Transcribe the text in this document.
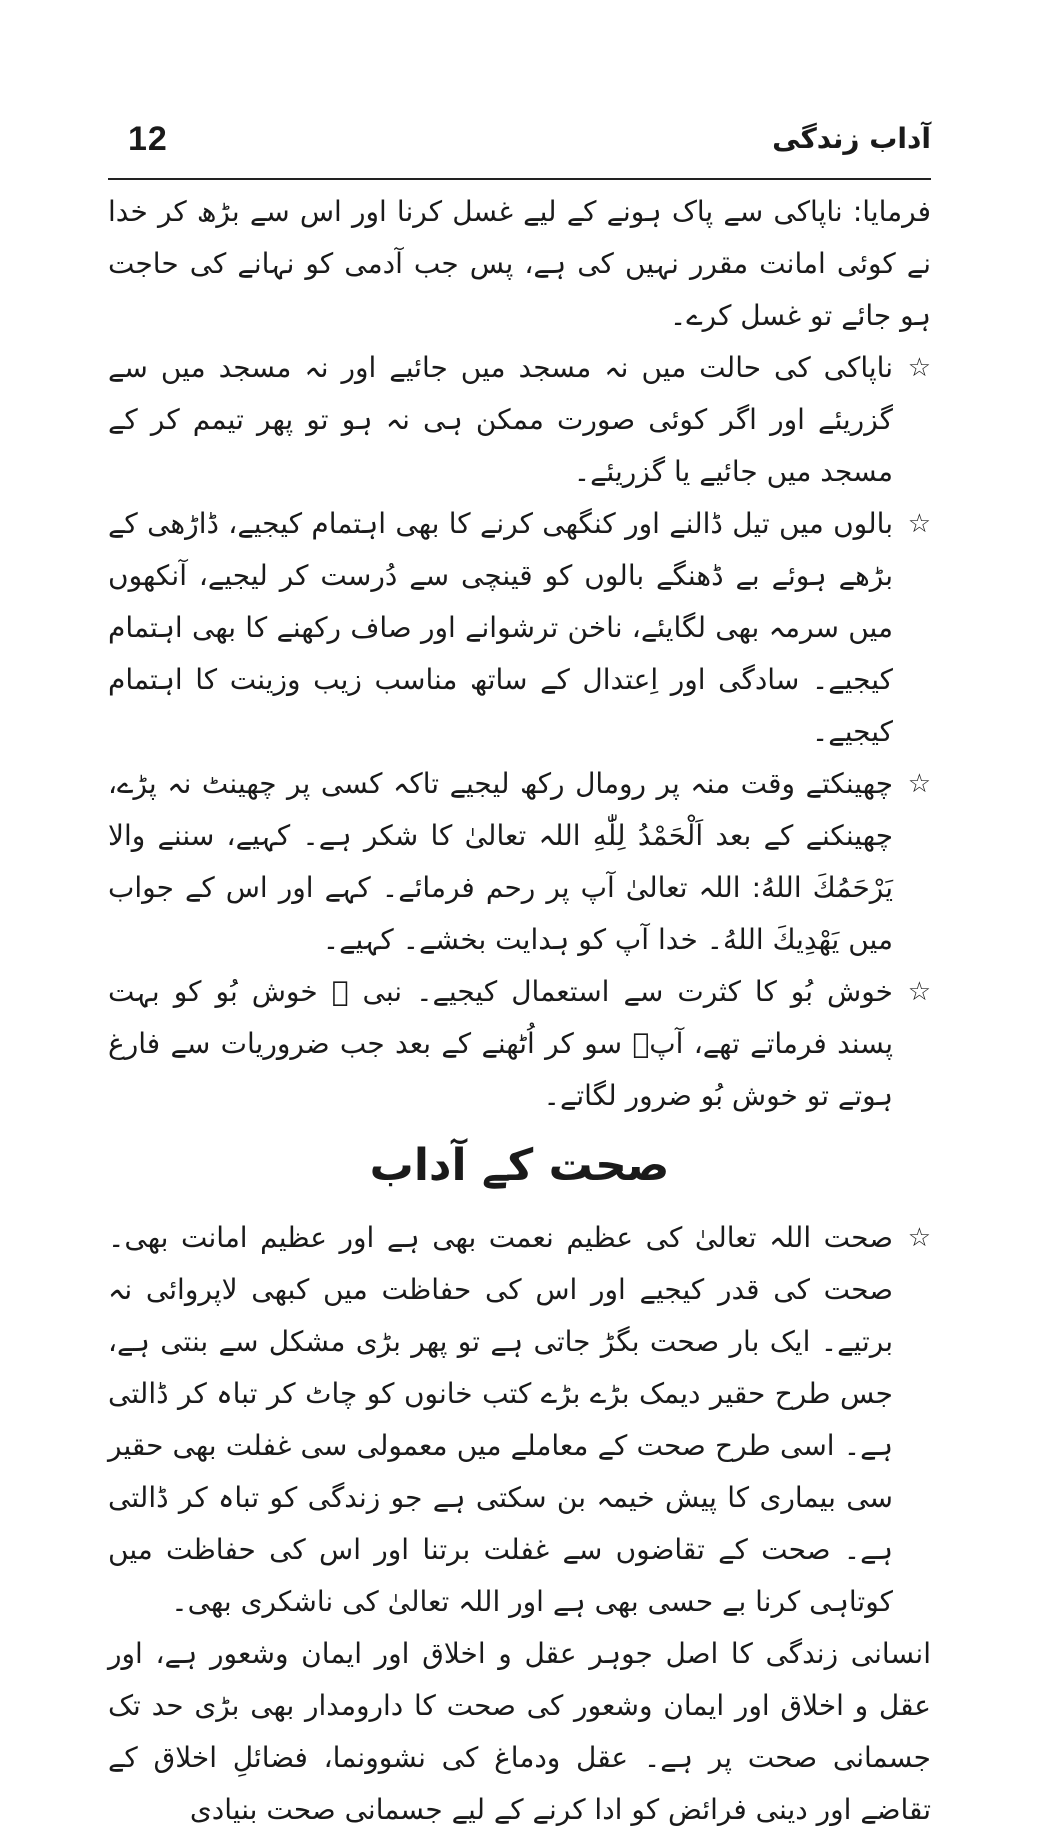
12	آداب زندگی

فرمایا: ناپاکی سے پاک ہونے کے لیے غسل کرنا اور اس سے بڑھ کر خدا نے کوئی امانت مقرر نہیں کی ہے، پس جب آدمی کو نہانے کی حاجت ہو جائے تو غسل کرے۔

☆
ناپاکی کی حالت میں نہ مسجد میں جائیے اور نہ مسجد میں سے گزریئے اور اگر کوئی صورت ممکن ہی نہ ہو تو پھر تیمم کر کے مسجد میں جائیے یا گزریئے۔
☆
بالوں میں تیل ڈالنے اور کنگھی کرنے کا بھی اہتمام کیجیے، ڈاڑھی کے بڑھے ہوئے بے ڈھنگے بالوں کو قینچی سے دُرست کر لیجیے، آنکھوں میں سرمہ بھی لگایئے، ناخن ترشوانے اور صاف رکھنے کا بھی اہتمام کیجیے۔ سادگی اور اِعتدال کے ساتھ مناسب زیب وزینت کا اہتمام کیجیے۔
☆
چھینکتے وقت منہ پر رومال رکھ لیجیے تاکہ کسی پر چھینٹ نہ پڑے، چھینکنے کے بعد اَلْحَمْدُ لِلّٰهِ اللہ تعالیٰ کا شکر ہے۔ کہیے، سننے والا يَرْحَمُكَ اللهُ: اللہ تعالیٰ آپ پر رحم فرمائے۔ کہے اور اس کے جواب میں يَهْدِيكَ اللهُ۔ خدا آپ کو ہدایت بخشے۔ کہیے۔
☆
خوش بُو کا کثرت سے استعمال کیجیے۔ نبی ﷺ خوش بُو کو بہت پسند فرماتے تھے، آپؐ سو کر اُٹھنے کے بعد جب ضروریات سے فارغ ہوتے تو خوش بُو ضرور لگاتے۔
صحت کے آداب
☆
صحت اللہ تعالیٰ کی عظیم نعمت بھی ہے اور عظیم امانت بھی۔ صحت کی قدر کیجیے اور اس کی حفاظت میں کبھی لاپروائی نہ برتیے۔ ایک بار صحت بگڑ جاتی ہے تو پھر بڑی مشکل سے بنتی ہے، جس طرح حقیر دیمک بڑے بڑے کتب خانوں کو چاٹ کر تباہ کر ڈالتی ہے۔ اسی طرح صحت کے معاملے میں معمولی سی غفلت بھی حقیر سی بیماری کا پیش خیمہ بن سکتی ہے جو زندگی کو تباہ کر ڈالتی ہے۔ صحت کے تقاضوں سے غفلت برتنا اور اس کی حفاظت میں کوتاہی کرنا بے حسی بھی ہے اور اللہ تعالیٰ کی ناشکری بھی۔

انسانی زندگی کا اصل جوہر عقل و اخلاق اور ایمان وشعور ہے، اور عقل و اخلاق اور ایمان وشعور کی صحت کا دارومدار بھی بڑی حد تک جسمانی صحت پر ہے۔ عقل ودماغ کی نشوونما، فضائلِ اخلاق کے تقاضے اور دینی فرائض کو ادا کرنے کے لیے جسمانی صحت بنیادی
